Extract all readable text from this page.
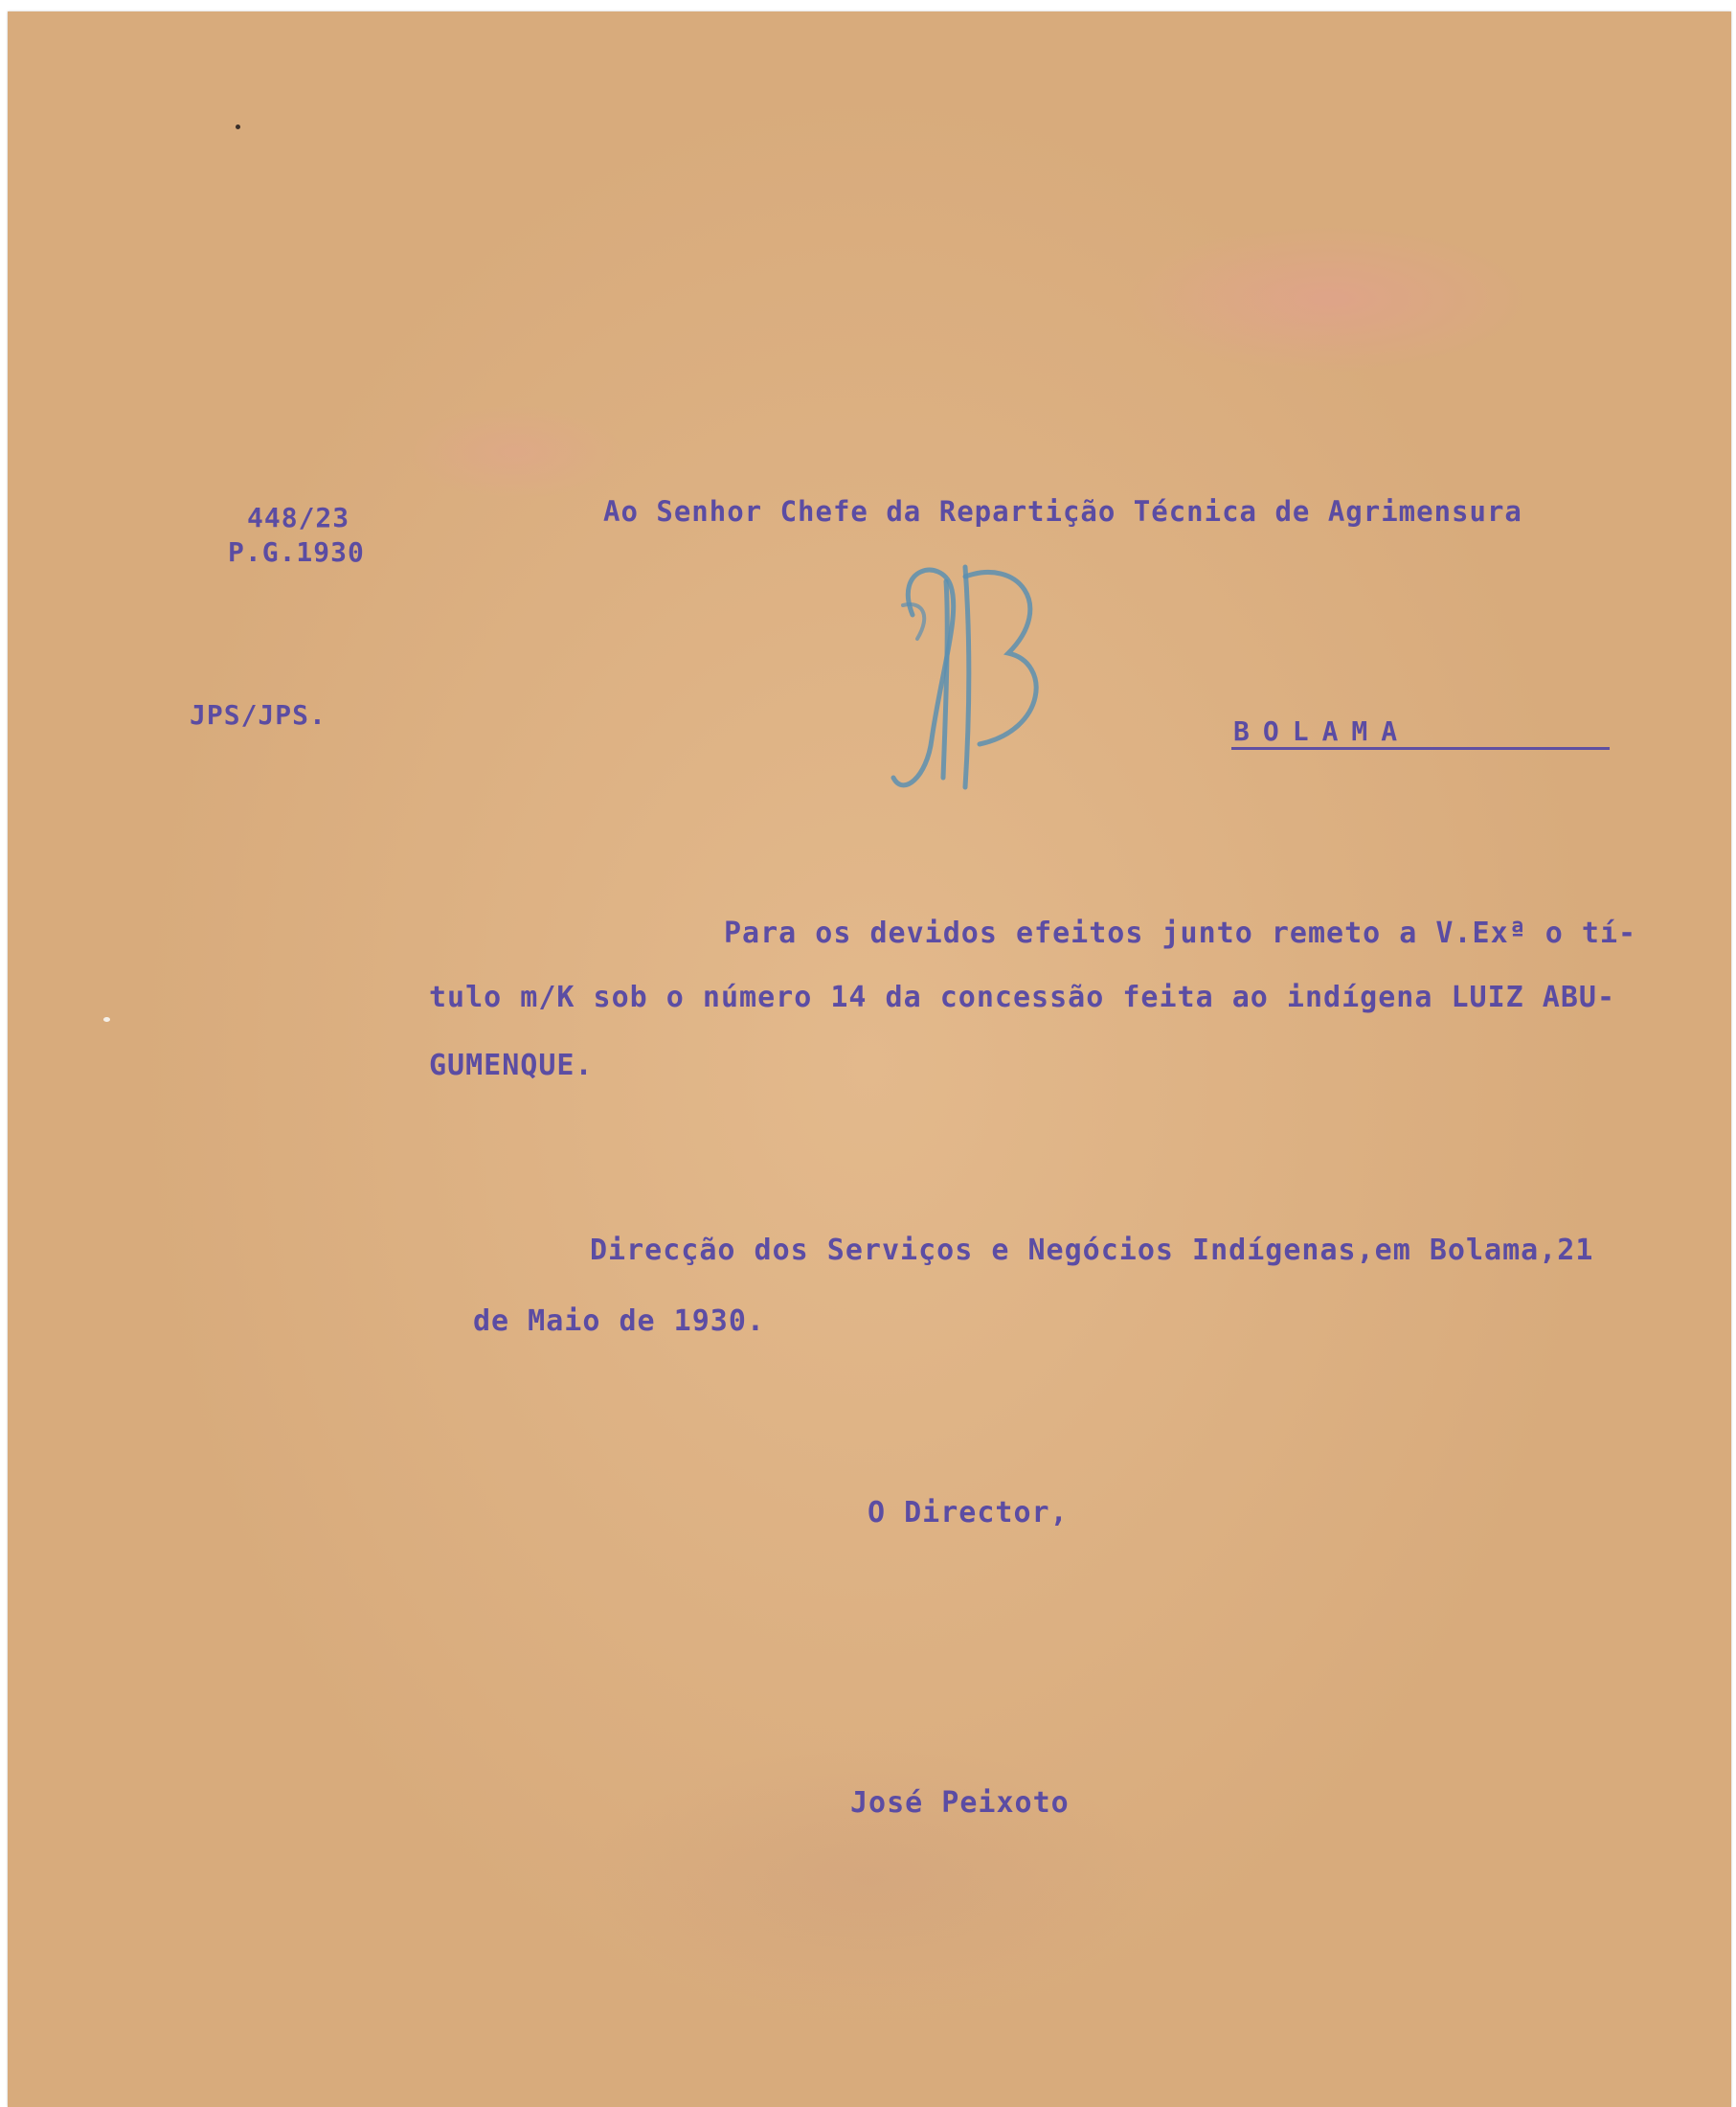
448/23
P.G.1930
JPS/JPS.
Ao Senhor Chefe da Repartição Técnica de Agrimensura
BOLAMA
Para os devidos efeitos junto remeto a V.Exª o tí-
tulo m/K sob o número 14 da concessão feita ao indígena LUIZ ABU-
GUMENQUE.
Direcção dos Serviços e Negócios Indígenas,em Bolama,21
de Maio de 1930.
O Director,
José Peixoto
